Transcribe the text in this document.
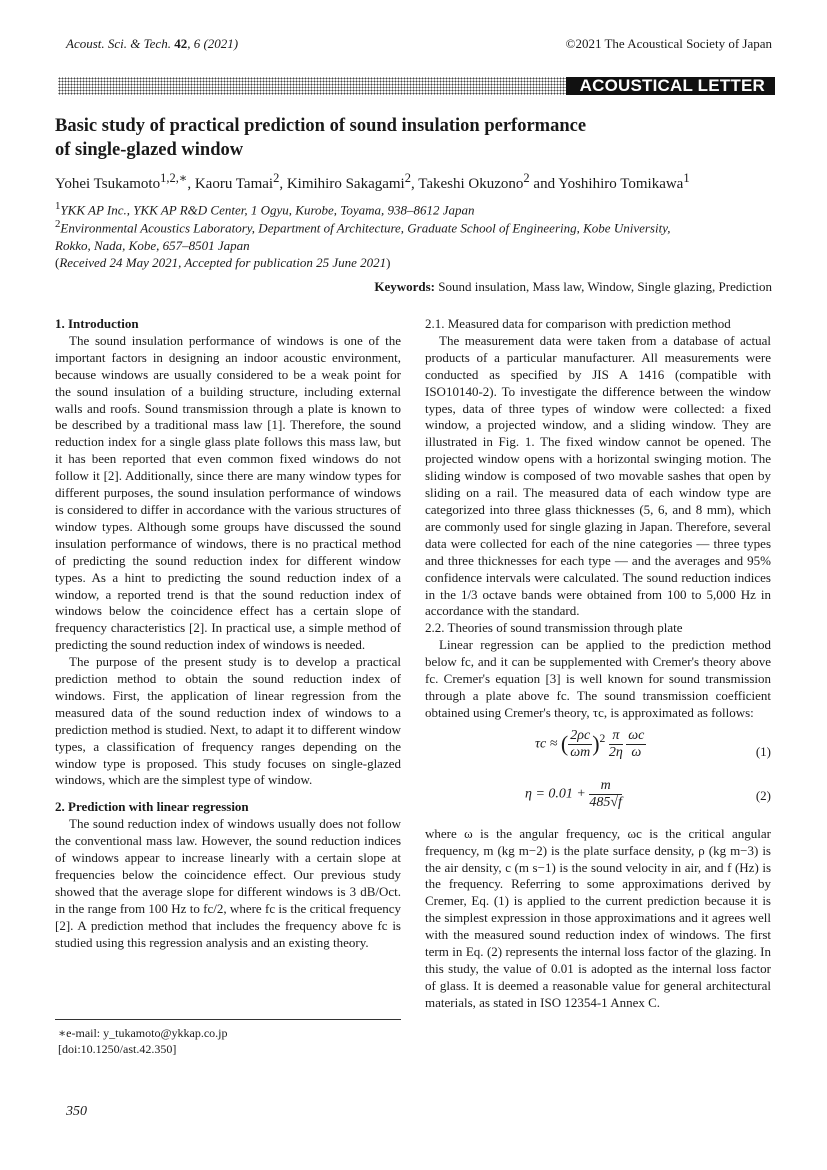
Acoust. Sci. & Tech. 42, 6 (2021)	©2021 The Acoustical Society of Japan
ACOUSTICAL LETTER
Basic study of practical prediction of sound insulation performance
of single-glazed window
Yohei Tsukamoto$^{1,2,∗}$, Kaoru Tamai$^2$, Kimihiro Sakagami$^2$, Takeshi Okuzono$^2$ and Yoshihiro Tomikawa$^1$
$^1$YKK AP Inc., YKK AP R&D Center, 1 Ogyu, Kurobe, Toyama, 938–8612 Japan
$^2$Environmental Acoustics Laboratory, Department of Architecture, Graduate School of Engineering, Kobe University,
Rokko, Nada, Kobe, 657–8501 Japan
(Received 24 May 2021, Accepted for publication 25 June 2021)
Keywords: Sound insulation, Mass law, Window, Single glazing, Prediction
1. Introduction

The sound insulation performance of windows is one of the important factors in designing an indoor acoustic environment, because windows are usually considered to be a weak point for the sound insulation of a building structure, including external walls and roofs. Sound transmission through a plate is known to be described by a traditional mass law [1]. Therefore, the sound reduction index for a single glass plate follows this mass law, but it has been reported that even common fixed windows do not follow it [2]. Additionally, since there are many window types for different purposes, the sound insulation performance of windows is considered to differ in accordance with the various structures of window types. Although some groups have discussed the sound insulation performance of windows, there is no practical method of predicting the sound reduction index for different window types. As a hint to predicting the sound reduction index of a window, a reported trend is that the sound reduction index of windows below the coincidence effect has a certain slope of frequency characteristics [2]. In practical use, a simple method of predicting the sound reduction index of windows is needed.

The purpose of the present study is to develop a practical prediction method to obtain the sound reduction index of windows. First, the application of linear regression from the measured data of the sound reduction index of windows to a prediction method is studied. Next, to adapt it to different window types, a classification of frequency ranges depending on the window type is proposed. This study focuses on single-glazed windows, which are the simplest type of window.

2. Prediction with linear regression

The sound reduction index of windows usually does not follow the conventional mass law. However, the sound reduction indices of windows appear to increase linearly with a certain slope at frequencies below the coincidence effect. Our previous study showed that the average slope for different windows is 3 dB/Oct. in the range from 100 Hz to fc/2, where fc is the critical frequency [2]. A prediction method that includes the frequency above fc is studied using this regression analysis and an existing theory.

2.1. Measured data for comparison with prediction method

The measurement data were taken from a database of actual products of a particular manufacturer. All measurements were conducted as specified by JIS A 1416 (compatible with ISO10140-2). To investigate the difference between the window types, data of three types of window were collected: a fixed window, a projected window, and a sliding window. They are illustrated in Fig. 1. The fixed window cannot be opened. The projected window opens with a horizontal swinging motion. The sliding window is composed of two movable sashes that open by sliding on a rail. The measured data of each window type are categorized into three glass thicknesses (5, 6, and 8 mm), which are commonly used for single glazing in Japan. Therefore, several data were collected for each of the nine categories — three types and three thicknesses for each type — and the averages and 95% confidence intervals were calculated. The sound reduction indices in the 1/3 octave bands were obtained from 100 to 5,000 Hz in accordance with the standard.

2.2. Theories of sound transmission through plate

Linear regression can be applied to the prediction method below fc, and it can be supplemented with Cremer's theory above fc. Cremer's equation [3] is well known for sound transmission through a plate above fc. The sound transmission coefficient obtained using Cremer's theory, τc, is approximated as follows:

τc ≈ ( $\frac{2\rho c}{\omega m} )^2 \frac{\pi}{2\eta}$
$\frac{\omega c}{\omega}$	(1)
$\eta = 0.01 + \frac{m}{485√f}$	(2)

where ω is the angular frequency, ωc is the critical angular frequency, m (kg m−2) is the plate surface density, ρ (kg m−3) is the air density, c (m s−1) is the sound velocity in air, and f (Hz) is the frequency. Referring to some approximations derived by Cremer, Eq. (1) is applied to the current prediction because it is the simplest expression in those approximations and it agrees well with the measured sound reduction index of windows. The first term in Eq. (2) represents the internal loss factor of the glazing. In this study, the value of 0.01 is adopted as the internal loss factor of glass. It is deemed a reasonable value for general architectural materials, as stated in ISO 12354-1 Annex C.

∗e-mail: y_tukamoto@ykkap.co.jp
[doi:10.1250/ast.42.350]
350
